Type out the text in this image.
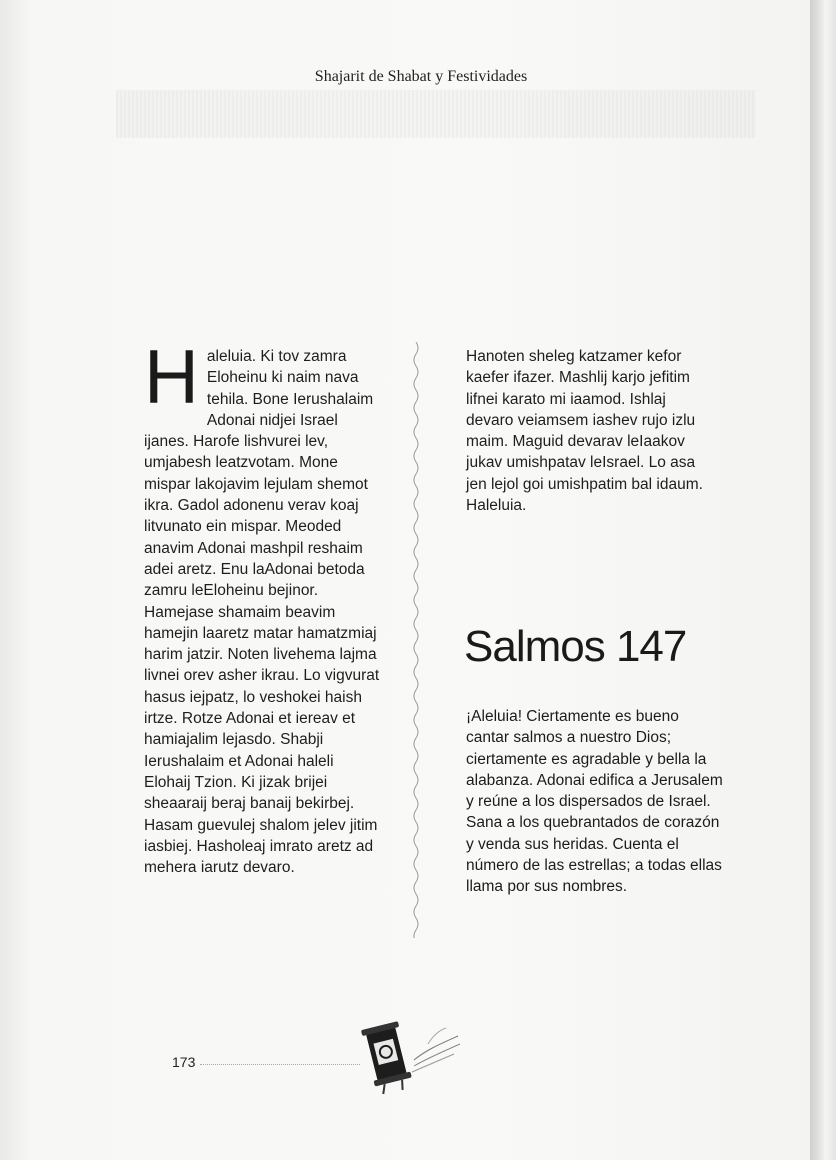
Shajarit de Shabat y Festividades
H aleluia. Ki tov zamra Eloheinu ki naim nava tehila. Bone Ierushalaim Adonai nidjei Israel ijanes. Harofe lishvurei lev, umjabesh leatzvotam. Mone mispar lakojavim lejulam shemot ikra. Gadol adonenu verav koaj litvunato ein mispar. Meoded anavim Adonai mashpil reshaim adei aretz. Enu laAdonai betoda zamru leEloheinu bejinor. Hamejase shamaim beavim hamejin laaretz matar hamatzmiaj harim jatzir. Noten livehema lajma livnei orev asher ikrau. Lo vigvurat hasus iejpatz, lo veshokei haish irtze. Rotze Adonai et iereav et hamiajalim lejasdo. Shabji Ierushalaim et Adonai haleli Elohaij Tzion. Ki jizak brijei sheaaraij beraj banaij bekirbej. Hasam guevulej shalom jelev jitim iasbiej. Hasholeaj imrato aretz ad mehera iarutz devaro.

Hanoten sheleg katzamer kefor kaefer ifazer. Mashlij karjo jefitim lifnei karato mi iaamod. Ishlaj devaro veiamsem iashev rujo izlu maim. Maguid devarav leIaakov jukav umishpatav leIsrael. Lo asa jen lejol goi umishpatim bal idaum. Haleluia.

Salmos 147

¡Aleluia! Ciertamente es bueno cantar salmos a nuestro Dios; ciertamente es agradable y bella la alabanza. Adonai edifica a Jerusalem y reúne a los dispersados de Israel. Sana a los quebrantados de corazón y venda sus heridas. Cuenta el número de las estrellas; a todas ellas llama por sus nombres.

173
